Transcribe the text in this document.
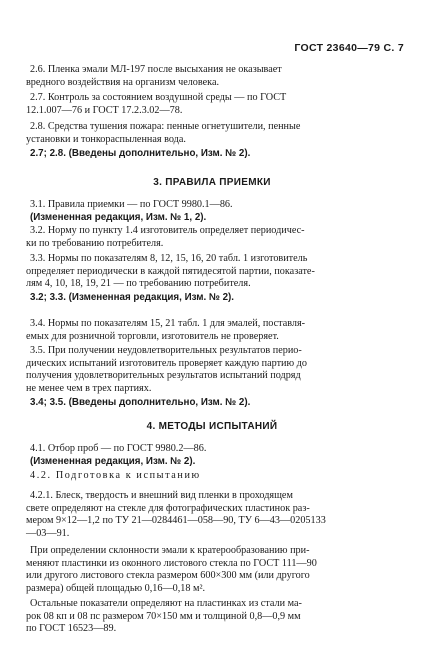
ГОСТ 23640—79 С. 7
2.6. Пленка эмали МЛ-197 после высыхания не оказывает
вредного воздействия на организм человека.
2.7. Контроль за состоянием воздушной среды — по ГОСТ
12.1.007—76 и ГОСТ 17.2.3.02—78.
2.8. Средства тушения пожара: пенные огнетушители, пенные
установки и тонкораспыленная вода.
2.7; 2.8. (Введены дополнительно, Изм. № 2).
3. ПРАВИЛА ПРИЕМКИ
3.1. Правила приемки — по ГОСТ 9980.1—86.
(Измененная редакция, Изм. № 1, 2).
3.2. Норму по пункту 1.4 изготовитель определяет периодичес-
ки по требованию потребителя.
3.3. Нормы по показателям 8, 12, 15, 16, 20 табл. 1 изготовитель
определяет периодически в каждой пятидесятой партии, показате-
лям 4, 10, 18, 19, 21 — по требованию потребителя.
3.2; 3.3. (Измененная редакция, Изм. № 2).
3.4. Нормы по показателям 15, 21 табл. 1 для эмалей, поставля-
емых для розничной торговли, изготовитель не проверяет.
3.5. При получении неудовлетворительных результатов перио-
дических испытаний изготовитель проверяет каждую партию до
получения удовлетворительных результатов испытаний подряд
не менее чем в трех партиях.
3.4; 3.5. (Введены дополнительно, Изм. № 2).
4. МЕТОДЫ ИСПЫТАНИЙ
4.1. Отбор проб — по ГОСТ 9980.2—86.
(Измененная редакция, Изм. № 2).
4.2. Подготовка к испытанию
4.2.1. Блеск, твердость и внешний вид пленки в проходящем
свете определяют на стекле для фотографических пластинок раз-
мером 9×12—1,2 по ТУ 21—0284461—058—90, ТУ 6—43—0205133
—03—91.
При определении склонности эмали к кратерообразованию при-
меняют пластинки из оконного листового стекла по ГОСТ 111—90
или другого листового стекла размером 600×300 мм (или другого
размера) общей площадью 0,16—0,18 м².
Остальные показатели определяют на пластинках из стали ма-
рок 08 кп и 08 пс размером 70×150 мм и толщиной 0,8—0,9 мм
по ГОСТ 16523—89.
